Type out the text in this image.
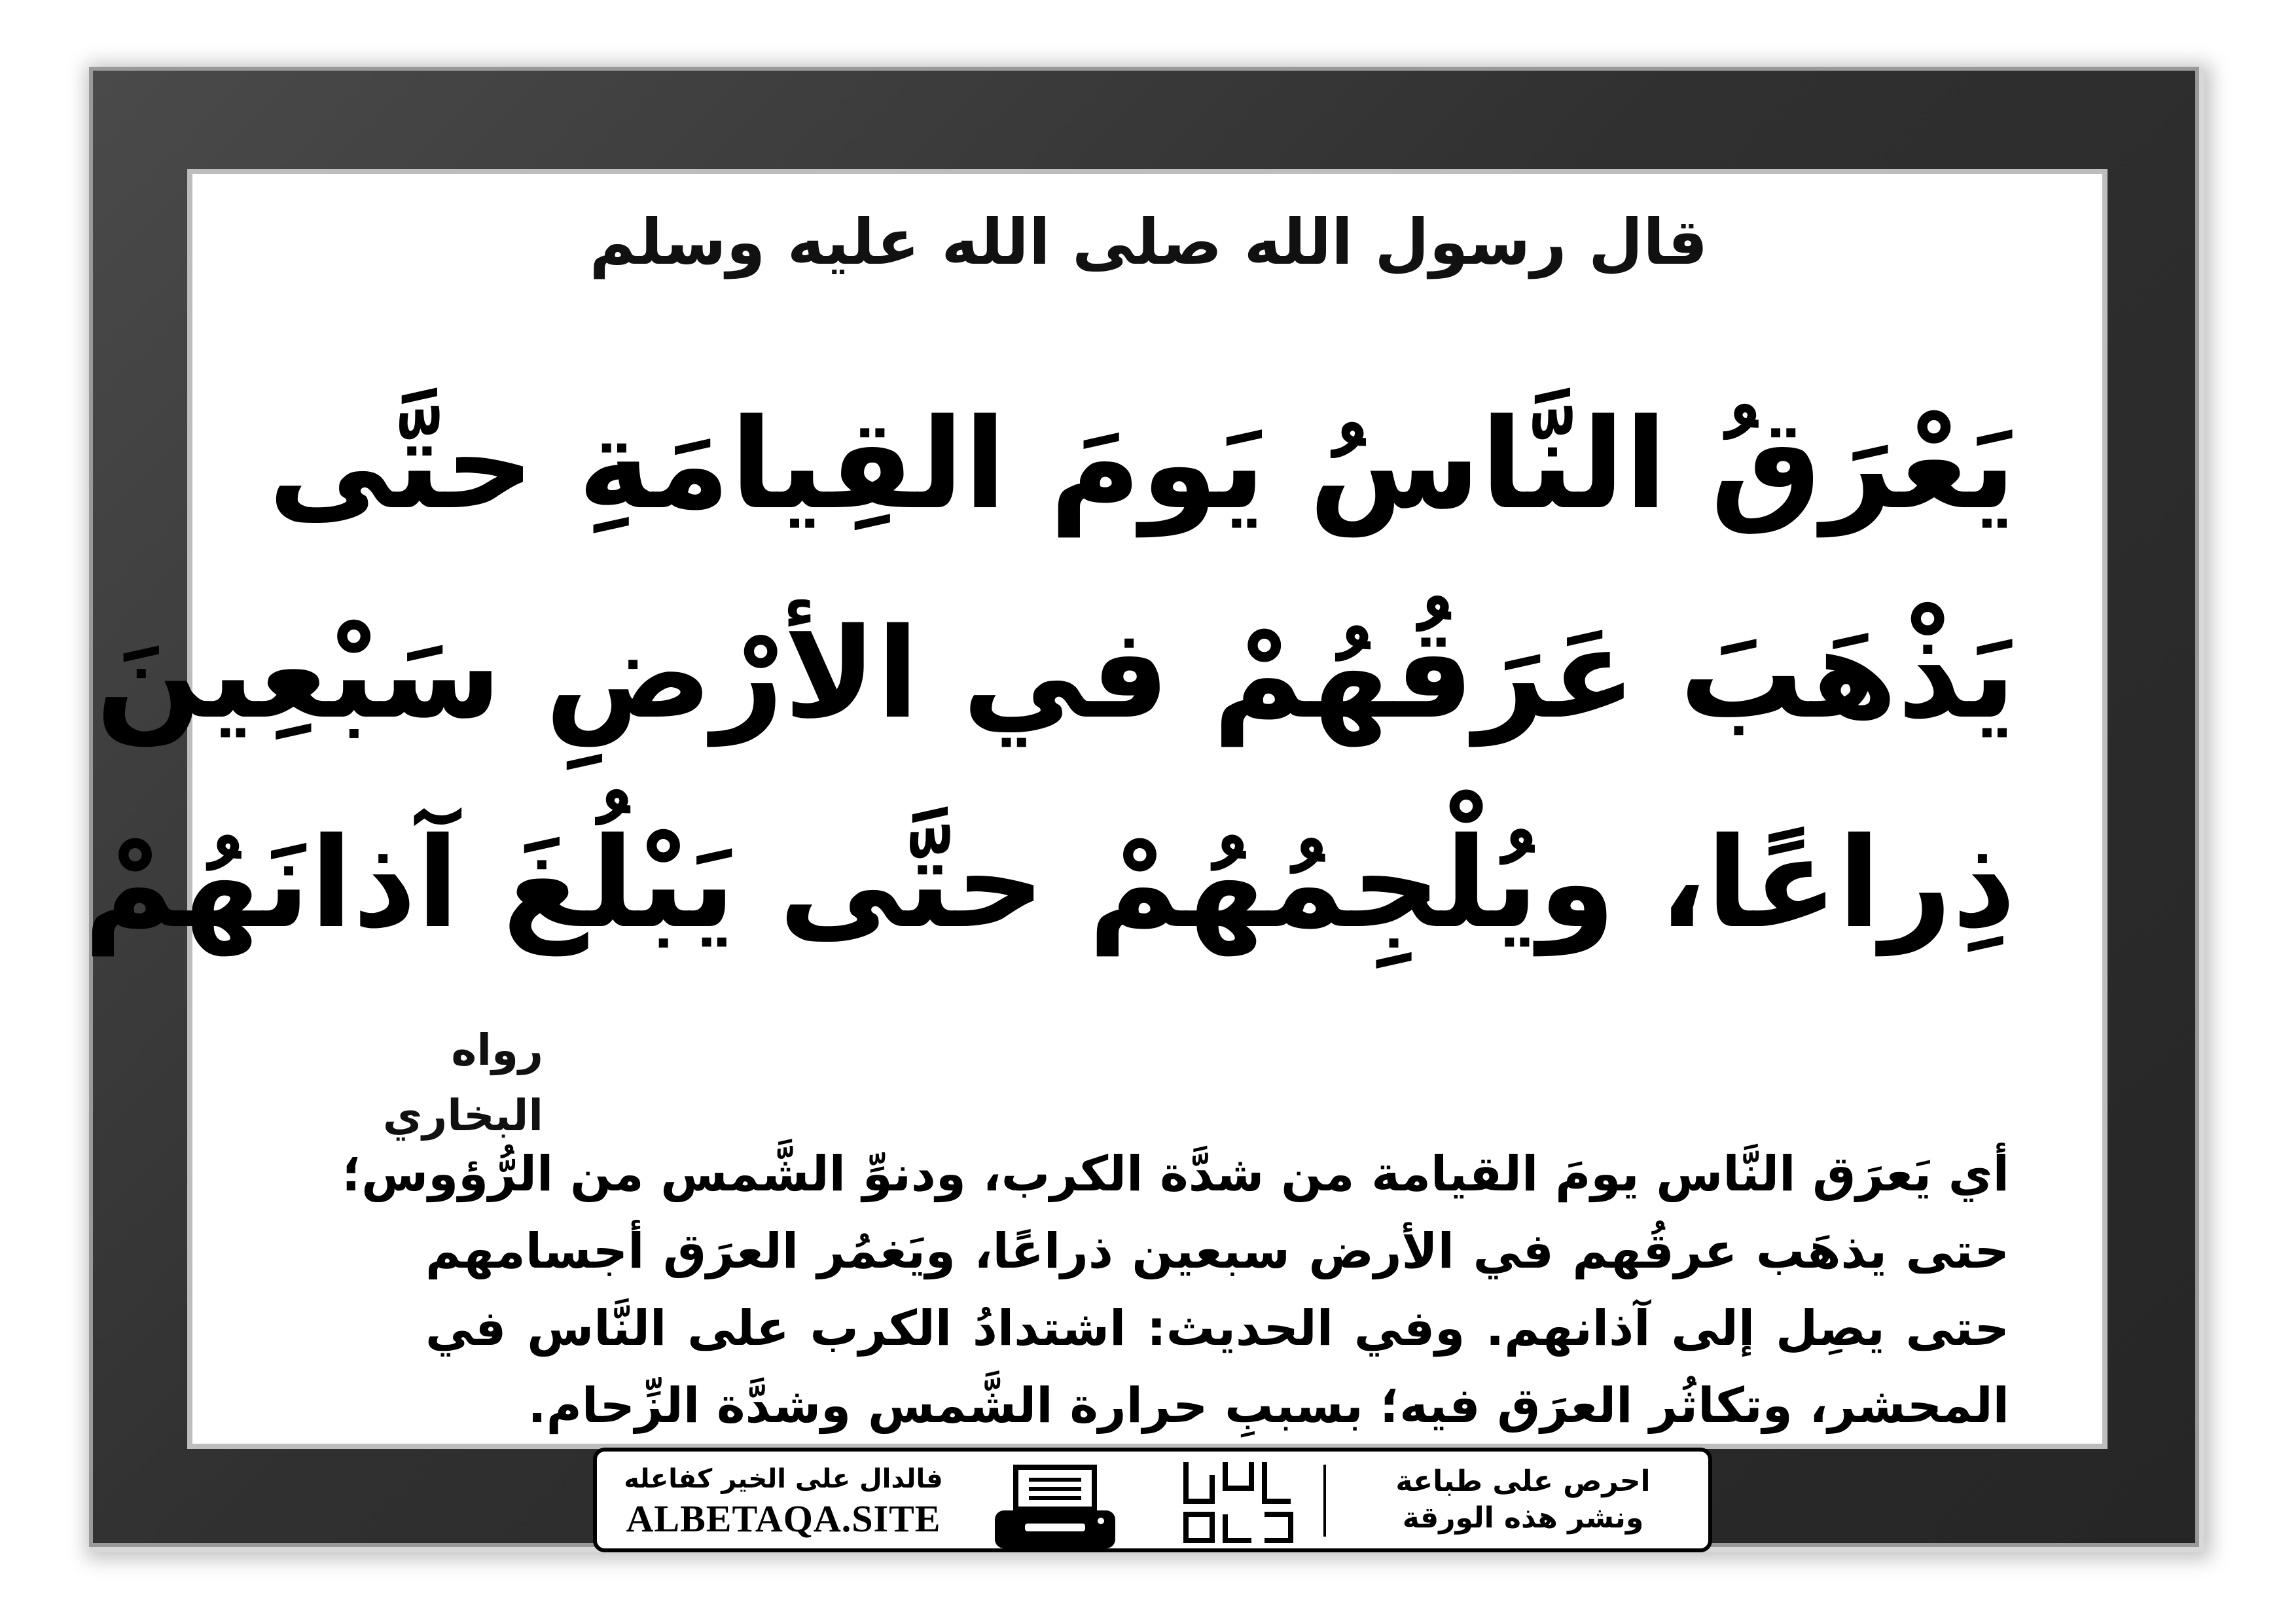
قال رسول الله صلى الله عليه وسلم
يَعْرَقُ النَّاسُ يَومَ القِيامَةِ حتَّى
يَذْهَبَ عَرَقُهُمْ في الأرْضِ سَبْعِينَ
ذِراعًا، ويُلْجِمُهُمْ حتَّى يَبْلُغَ آذانَهُمْ
رواه البخاري
أي يَعرَق النَّاس يومَ القيامة من شدَّة الكرب، ودنوِّ الشَّمس من الرُّؤوس؛
حتى يذهَب عرقُهم في الأرض سبعين ذراعًا، ويَغمُر العرَق أجسامهم
حتى يصِل إلى آذانهم. وفي الحديث: اشتدادُ الكرب على النَّاس في
المحشر، وتكاثُر العرَق فيه؛ بسببِ حرارة الشَّمس وشدَّة الزِّحام.
فالدال على الخير كفاعله
ALBETAQA.SITE
احرص على طباعة
ونشر هذه الورقة
